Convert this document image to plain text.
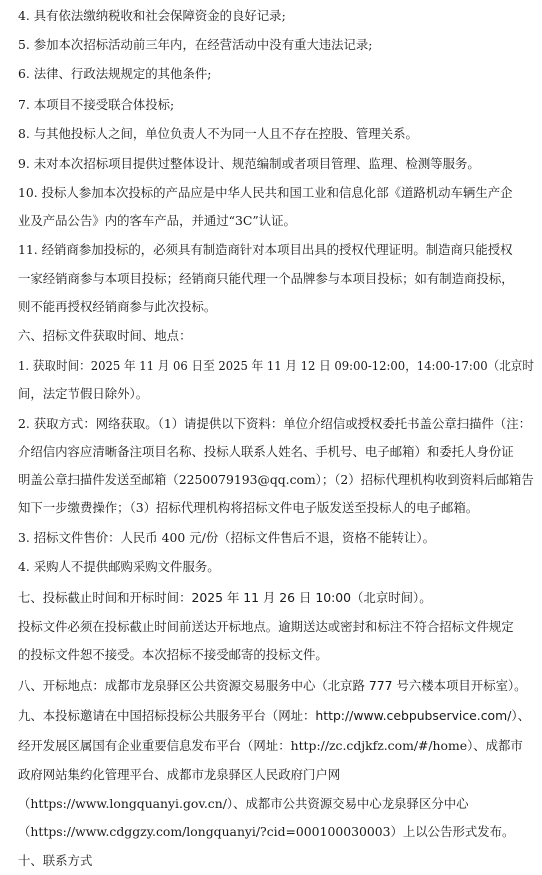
4. 具有依法缴纳税收和社会保障资金的良好记录;
5. 参加本次招标活动前三年内，在经营活动中没有重大违法记录;
6. 法律、行政法规规定的其他条件;
7. 本项目不接受联合体投标;
8. 与其他投标人之间，单位负责人不为同一人且不存在控股、管理关系。
9. 未对本次招标项目提供过整体设计、规范编制或者项目管理、监理、检测等服务。
10. 投标人参加本次投标的产品应是中华人民共和国工业和信息化部《道路机动车辆生产企
业及产品公告》内的客车产品，并通过“3C”认证。
11. 经销商参加投标的，必须具有制造商针对本项目出具的授权代理证明。制造商只能授权
一家经销商参与本项目投标；经销商只能代理一个品牌参与本项目投标；如有制造商投标，
则不能再授权经销商参与此次投标。
六、招标文件获取时间、地点：
1. 获取时间：2025 年 11 月 06 日至 2025 年 11 月 12 日 09:00-12:00，14:00-17:00（北京时
间，法定节假日除外）。
2. 获取方式：网络获取。（1）请提供以下资料：单位介绍信或授权委托书盖公章扫描件（注：
介绍信内容应清晰备注项目名称、投标人联系人姓名、手机号、电子邮箱）和委托人身份证
明盖公章扫描件发送至邮箱（2250079193@qq.com）；（2）招标代理机构收到资料后邮箱告
知下一步缴费操作；（3）招标代理机构将招标文件电子版发送至投标人的电子邮箱。
3. 招标文件售价：人民币 400 元/份（招标文件售后不退，资格不能转让）。
4. 采购人不提供邮购采购文件服务。
七、投标截止时间和开标时间：2025 年 11 月 26 日 10:00（北京时间）。
投标文件必须在投标截止时间前送达开标地点。逾期送达或密封和标注不符合招标文件规定
的投标文件恕不接受。本次招标不接受邮寄的投标文件。
八、开标地点：成都市龙泉驿区公共资源交易服务中心（北京路 777 号六楼本项目开标室）。
九、本投标邀请在中国招标投标公共服务平台（网址：http://www.cebpubservice.com/）、
经开发展区属国有企业重要信息发布平台（网址：http://zc.cdjkfz.com/#/home）、成都市
政府网站集约化管理平台、成都市龙泉驿区人民政府门户网
（https://www.longquanyi.gov.cn/）、成都市公共资源交易中心龙泉驿区分中心
（https://www.cdggzy.com/longquanyi/?cid=000100030003）上以公告形式发布。
十、联系方式
